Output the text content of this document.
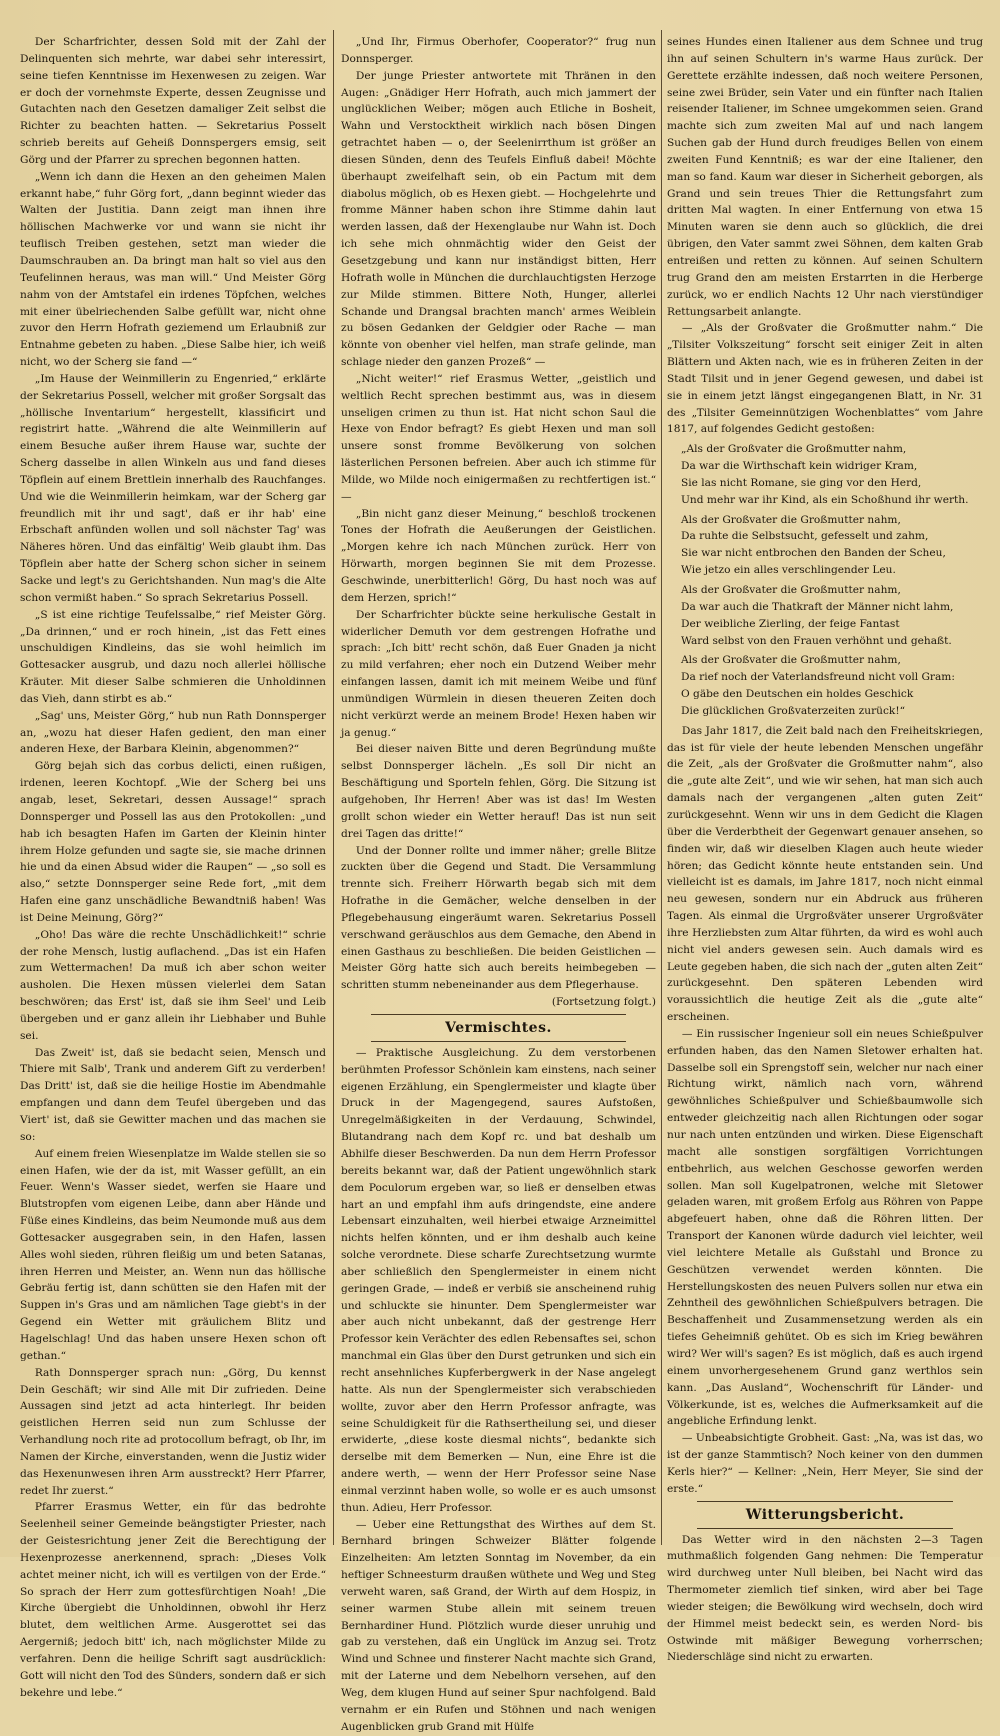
Der Scharfrichter, dessen Sold mit der Zahl der Delinquenten sich mehrte, war dabei sehr interessirt, seine tiefen Kenntnisse im Hexenwesen zu zeigen. War er doch der vornehmste Experte, dessen Zeugnisse und Gutachten nach den Gesetzen damaliger Zeit selbst die Richter zu beachten hatten. — Sekretarius Posselt schrieb bereits auf Geheiß Donnspergers emsig, seit Görg und der Pfarrer zu sprechen begonnen hatten.

„Wenn ich dann die Hexen an den geheimen Malen erkannt habe,“ fuhr Görg fort, „dann beginnt wieder das Walten der Justitia. Dann zeigt man ihnen ihre höllischen Machwerke vor und wann sie nicht ihr teuflisch Treiben gestehen, setzt man wieder die Daumschrauben an. Da bringt man halt so viel aus den Teufelinnen heraus, was man will.“ Und Meister Görg nahm von der Amtstafel ein irdenes Töpfchen, welches mit einer übelriechenden Salbe gefüllt war, nicht ohne zuvor den Herrn Hofrath geziemend um Erlaubniß zur Entnahme gebeten zu haben. „Diese Salbe hier, ich weiß nicht, wo der Scherg sie fand —“

„Im Hause der Weinmillerin zu Engenried,“ erklärte der Sekretarius Possell, welcher mit großer Sorgsalt das „höllische Inventarium“ hergestellt, klassificirt und registrirt hatte. „Während die alte Weinmillerin auf einem Besuche außer ihrem Hause war, suchte der Scherg dasselbe in allen Winkeln aus und fand dieses Töpflein auf einem Brettlein innerhalb des Rauchfanges. Und wie die Weinmillerin heimkam, war der Scherg gar freundlich mit ihr und sagt', daß er ihr hab' eine Erbschaft anfünden wollen und soll nächster Tag' was Näheres hören. Und das einfältig' Weib glaubt ihm. Das Töpflein aber hatte der Scherg schon sicher in seinem Sacke und legt's zu Gerichtshanden. Nun mag's die Alte schon vermißt haben.“ So sprach Sekretarius Possell.

„S ist eine richtige Teufelssalbe,“ rief Meister Görg. „Da drinnen,“ und er roch hinein, „ist das Fett eines unschuldigen Kindleins, das sie wohl heimlich im Gottesacker ausgrub, und dazu noch allerlei höllische Kräuter. Mit dieser Salbe schmieren die Unholdinnen das Vieh, dann stirbt es ab.“

„Sag' uns, Meister Görg,“ hub nun Rath Donnsperger an, „wozu hat dieser Hafen gedient, den man einer anderen Hexe, der Barbara Kleinin, abgenommen?“

Görg bejah sich das corbus delicti, einen rußigen, irdenen, leeren Kochtopf. „Wie der Scherg bei uns angab, leset, Sekretari, dessen Aussage!“ sprach Donnsperger und Possell las aus den Protokollen: „und hab ich besagten Hafen im Garten der Kleinin hinter ihrem Holze gefunden und sagte sie, sie mache drinnen hie und da einen Absud wider die Raupen“ — „so soll es also,“ setzte Donnsperger seine Rede fort, „mit dem Hafen eine ganz unschädliche Bewandtniß haben! Was ist Deine Meinung, Görg?“

„Oho! Das wäre die rechte Unschädlichkeit!“ schrie der rohe Mensch, lustig auflachend. „Das ist ein Hafen zum Wettermachen! Da muß ich aber schon weiter ausholen. Die Hexen müssen vielerlei dem Satan beschwören; das Erst' ist, daß sie ihm Seel' und Leib übergeben und er ganz allein ihr Liebhaber und Buhle sei.

Das Zweit' ist, daß sie bedacht seien, Mensch und Thiere mit Salb', Trank und anderem Gift zu verderben! Das Dritt' ist, daß sie die heilige Hostie im Abendmahle empfangen und dann dem Teufel übergeben und das Viert' ist, daß sie Gewitter machen und das machen sie so:

Auf einem freien Wiesenplatze im Walde stellen sie so einen Hafen, wie der da ist, mit Wasser gefüllt, an ein Feuer. Wenn's Wasser siedet, werfen sie Haare und Blutstropfen vom eigenen Leibe, dann aber Hände und Füße eines Kindleins, das beim Neumonde muß aus dem Gottesacker ausgegraben sein, in den Hafen, lassen Alles wohl sieden, rühren fleißig um und beten Satanas, ihren Herren und Meister, an. Wenn nun das höllische Gebräu fertig ist, dann schütten sie den Hafen mit der Suppen in's Gras und am nämlichen Tage giebt's in der Gegend ein Wetter mit gräulichem Blitz und Hagelschlag! Und das haben unsere Hexen schon oft gethan.“

Rath Donnsperger sprach nun: „Görg, Du kennst Dein Geschäft; wir sind Alle mit Dir zufrieden. Deine Aussagen sind jetzt ad acta hinterlegt. Ihr beiden geistlichen Herren seid nun zum Schlusse der Verhandlung noch rite ad protocollum befragt, ob Ihr, im Namen der Kirche, einverstanden, wenn die Justiz wider das Hexenunwesen ihren Arm ausstreckt? Herr Pfarrer, redet Ihr zuerst.“

Pfarrer Erasmus Wetter, ein für das bedrohte Seelenheil seiner Gemeinde beängstigter Priester, nach der Geistesrichtung jener Zeit die Berechtigung der Hexenprozesse anerkennend, sprach: „Dieses Volk achtet meiner nicht, ich will es vertilgen von der Erde.“ So sprach der Herr zum gottesfürchtigen Noah! „Die Kirche übergiebt die Unholdinnen, obwohl ihr Herz blutet, dem weltlichen Arme. Ausgerottet sei das Aergerniß; jedoch bitt' ich, nach möglichster Milde zu verfahren. Denn die heilige Schrift sagt ausdrücklich: Gott will nicht den Tod des Sünders, sondern daß er sich bekehre und lebe.“

„Und Ihr, Firmus Oberhofer, Cooperator?“ frug nun Donnsperger.

Der junge Priester antwortete mit Thränen in den Augen: „Gnädiger Herr Hofrath, auch mich jammert der unglücklichen Weiber; mögen auch Etliche in Bosheit, Wahn und Verstocktheit wirklich nach bösen Dingen getrachtet haben — o, der Seelenirrthum ist größer an diesen Sünden, denn des Teufels Einfluß dabei! Möchte überhaupt zweifelhaft sein, ob ein Pactum mit dem diabolus möglich, ob es Hexen giebt. — Hochgelehrte und fromme Männer haben schon ihre Stimme dahin laut werden lassen, daß der Hexenglaube nur Wahn ist. Doch ich sehe mich ohnmächtig wider den Geist der Gesetzgebung und kann nur inständigst bitten, Herr Hofrath wolle in München die durchlauchtigsten Herzoge zur Milde stimmen. Bittere Noth, Hunger, allerlei Schande und Drangsal brachten manch' armes Weiblein zu bösen Gedanken der Geldgier oder Rache — man könnte von obenher viel helfen, man strafe gelinde, man schlage nieder den ganzen Prozeß“ —

„Nicht weiter!“ rief Erasmus Wetter, „geistlich und weltlich Recht sprechen bestimmt aus, was in diesem unseligen crimen zu thun ist. Hat nicht schon Saul die Hexe von Endor befragt? Es giebt Hexen und man soll unsere sonst fromme Bevölkerung von solchen lästerlichen Personen befreien. Aber auch ich stimme für Milde, wo Milde noch einigermaßen zu rechtfertigen ist.“ —

„Bin nicht ganz dieser Meinung,“ beschloß trockenen Tones der Hofrath die Aeußerungen der Geistlichen. „Morgen kehre ich nach München zurück. Herr von Hörwarth, morgen beginnen Sie mit dem Prozesse. Geschwinde, unerbitterlich! Görg, Du hast noch was auf dem Herzen, sprich!“

Der Scharfrichter bückte seine herkulische Gestalt in widerlicher Demuth vor dem gestrengen Hofrathe und sprach: „Ich bitt' recht schön, daß Euer Gnaden ja nicht zu mild verfahren; eher noch ein Dutzend Weiber mehr einfangen lassen, damit ich mit meinem Weibe und fünf unmündigen Würmlein in diesen theueren Zeiten doch nicht verkürzt werde an meinem Brode! Hexen haben wir ja genug.“

Bei dieser naiven Bitte und deren Begründung mußte selbst Donnsperger lächeln. „Es soll Dir nicht an Beschäftigung und Sporteln fehlen, Görg. Die Sitzung ist aufgehoben, Ihr Herren! Aber was ist das! Im Westen grollt schon wieder ein Wetter herauf! Das ist nun seit drei Tagen das dritte!“

Und der Donner rollte und immer näher; grelle Blitze zuckten über die Gegend und Stadt. Die Versammlung trennte sich. Freiherr Hörwarth begab sich mit dem Hofrathe in die Gemächer, welche denselben in der Pflegebehausung eingeräumt waren. Sekretarius Possell verschwand geräuschlos aus dem Gemache, den Abend in einen Gasthaus zu beschließen. Die beiden Geistlichen — Meister Görg hatte sich auch bereits heimbegeben — schritten stumm nebeneinander aus dem Pflegerhause.

(Fortsetzung folgt.)

Vermischtes.

— Praktische Ausgleichung. Zu dem verstorbenen berühmten Professor Schönlein kam einstens, nach seiner eigenen Erzählung, ein Spenglermeister und klagte über Druck in der Magengegend, saures Aufstoßen, Unregelmäßigkeiten in der Verdauung, Schwindel, Blutandrang nach dem Kopf rc. und bat deshalb um Abhilfe dieser Beschwerden. Da nun dem Herrn Professor bereits bekannt war, daß der Patient ungewöhnlich stark dem Poculorum ergeben war, so ließ er denselben etwas hart an und empfahl ihm aufs dringendste, eine andere Lebensart einzuhalten, weil hierbei etwaige Arzneimittel nichts helfen könnten, und er ihm deshalb auch keine solche verordnete. Diese scharfe Zurechtsetzung wurmte aber schließlich den Spenglermeister in einem nicht geringen Grade, — indeß er verbiß sie anscheinend ruhig und schluckte sie hinunter. Dem Spenglermeister war aber auch nicht unbekannt, daß der gestrenge Herr Professor kein Verächter des edlen Rebensaftes sei, schon manchmal ein Glas über den Durst getrunken und sich ein recht ansehnliches Kupferbergwerk in der Nase angelegt hatte. Als nun der Spenglermeister sich verabschieden wollte, zuvor aber den Herrn Professor anfragte, was seine Schuldigkeit für die Rathsertheilung sei, und dieser erwiderte, „diese koste diesmal nichts“, bedankte sich derselbe mit dem Bemerken — Nun, eine Ehre ist die andere werth, — wenn der Herr Professor seine Nase einmal verzinnt haben wolle, so wolle er es auch umsonst thun. Adieu, Herr Professor.

— Ueber eine Rettungsthat des Wirthes auf dem St. Bernhard bringen Schweizer Blätter folgende Einzelheiten: Am letzten Sonntag im November, da ein heftiger Schneesturm draußen wüthete und Weg und Steg verweht waren, saß Grand, der Wirth auf dem Hospiz, in seiner warmen Stube allein mit seinem treuen Bernhardiner Hund. Plötzlich wurde dieser unruhig und gab zu verstehen, daß ein Unglück im Anzug sei. Trotz Wind und Schnee und finsterer Nacht machte sich Grand, mit der Laterne und dem Nebelhorn versehen, auf den Weg, dem klugen Hund auf seiner Spur nachfolgend. Bald vernahm er ein Rufen und Stöhnen und nach wenigen Augenblicken grub Grand mit Hülfe

seines Hundes einen Italiener aus dem Schnee und trug ihn auf seinen Schultern in's warme Haus zurück. Der Gerettete erzählte indessen, daß noch weitere Personen, seine zwei Brüder, sein Vater und ein fünfter nach Italien reisender Italiener, im Schnee umgekommen seien. Grand machte sich zum zweiten Mal auf und nach langem Suchen gab der Hund durch freudiges Bellen von einem zweiten Fund Kenntniß; es war der eine Italiener, den man so fand. Kaum war dieser in Sicherheit geborgen, als Grand und sein treues Thier die Rettungsfahrt zum dritten Mal wagten. In einer Entfernung von etwa 15 Minuten waren sie denn auch so glücklich, die drei übrigen, den Vater sammt zwei Söhnen, dem kalten Grab entreißen und retten zu können. Auf seinen Schultern trug Grand den am meisten Erstarrten in die Herberge zurück, wo er endlich Nachts 12 Uhr nach vierstündiger Rettungsarbeit anlangte.

— „Als der Großvater die Großmutter nahm.“ Die „Tilsiter Volkszeitung“ forscht seit einiger Zeit in alten Blättern und Akten nach, wie es in früheren Zeiten in der Stadt Tilsit und in jener Gegend gewesen, und dabei ist sie in einem jetzt längst eingegangenen Blatt, in Nr. 31 des „Tilsiter Gemeinnützigen Wochenblattes“ vom Jahre 1817, auf folgendes Gedicht gestoßen:

„Als der Großvater die Großmutter nahm,

Da war die Wirthschaft kein widriger Kram,

Sie las nicht Romane, sie ging vor den Herd,

Und mehr war ihr Kind, als ein Schoßhund ihr werth.

Als der Großvater die Großmutter nahm,

Da ruhte die Selbstsucht, gefesselt und zahm,

Sie war nicht entbrochen den Banden der Scheu,

Wie jetzo ein alles verschlingender Leu.

Als der Großvater die Großmutter nahm,

Da war auch die Thatkraft der Männer nicht lahm,

Der weibliche Zierling, der feige Fantast

Ward selbst von den Frauen verhöhnt und gehaßt.

Als der Großvater die Großmutter nahm,

Da rief noch der Vaterlandsfreund nicht voll Gram:

O gäbe den Deutschen ein holdes Geschick

Die glücklichen Großvaterzeiten zurück!“

Das Jahr 1817, die Zeit bald nach den Freiheitskriegen, das ist für viele der heute lebenden Menschen ungefähr die Zeit, „als der Großvater die Großmutter nahm“, also die „gute alte Zeit“, und wie wir sehen, hat man sich auch damals nach der vergangenen „alten guten Zeit“ zurückgesehnt. Wenn wir uns in dem Gedicht die Klagen über die Verderbtheit der Gegenwart genauer ansehen, so finden wir, daß wir dieselben Klagen auch heute wieder hören; das Gedicht könnte heute entstanden sein. Und vielleicht ist es damals, im Jahre 1817, noch nicht einmal neu gewesen, sondern nur ein Abdruck aus früheren Tagen. Als einmal die Urgroßväter unserer Urgroßväter ihre Herzliebsten zum Altar führten, da wird es wohl auch nicht viel anders gewesen sein. Auch damals wird es Leute gegeben haben, die sich nach der „guten alten Zeit“ zurückgesehnt. Den späteren Lebenden wird voraussichtlich die heutige Zeit als die „gute alte“ erscheinen.

— Ein russischer Ingenieur soll ein neues Schießpulver erfunden haben, das den Namen Sletower erhalten hat. Dasselbe soll ein Sprengstoff sein, welcher nur nach einer Richtung wirkt, nämlich nach vorn, während gewöhnliches Schießpulver und Schießbaumwolle sich entweder gleichzeitig nach allen Richtungen oder sogar nur nach unten entzünden und wirken. Diese Eigenschaft macht alle sonstigen sorgfältigen Vorrichtungen entbehrlich, aus welchen Geschosse geworfen werden sollen. Man soll Kugelpatronen, welche mit Sletower geladen waren, mit großem Erfolg aus Röhren von Pappe abgefeuert haben, ohne daß die Röhren litten. Der Transport der Kanonen würde dadurch viel leichter, weil viel leichtere Metalle als Gußstahl und Bronce zu Geschützen verwendet werden könnten. Die Herstellungskosten des neuen Pulvers sollen nur etwa ein Zehntheil des gewöhnlichen Schießpulvers betragen. Die Beschaffenheit und Zusammensetzung werden als ein tiefes Geheimniß gehütet. Ob es sich im Krieg bewähren wird? Wer will's sagen? Es ist möglich, daß es auch irgend einem unvorhergesehenem Grund ganz werthlos sein kann. „Das Ausland“, Wochenschrift für Länder- und Völkerkunde, ist es, welches die Aufmerksamkeit auf die angebliche Erfindung lenkt.

— Unbeabsichtigte Grobheit. Gast: „Na, was ist das, wo ist der ganze Stammtisch? Noch keiner von den dummen Kerls hier?“ — Kellner: „Nein, Herr Meyer, Sie sind der erste.“

Witterungsbericht.

Das Wetter wird in den nächsten 2—3 Tagen muthmaßlich folgenden Gang nehmen: Die Temperatur wird durchweg unter Null bleiben, bei Nacht wird das Thermometer ziemlich tief sinken, wird aber bei Tage wieder steigen; die Bewölkung wird wechseln, doch wird der Himmel meist bedeckt sein, es werden Nord- bis Ostwinde mit mäßiger Bewegung vorherrschen; Niederschläge sind nicht zu erwarten.
